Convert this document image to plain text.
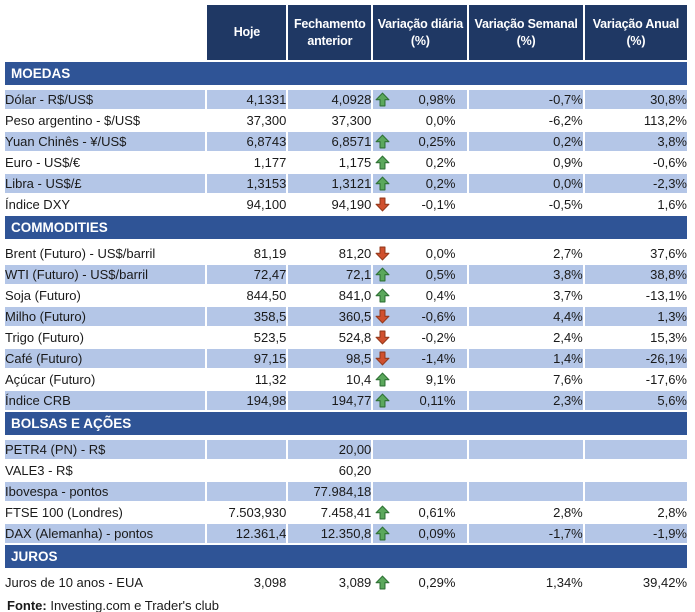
	Hoje	Fechamento anterior	Variação diária (%)	Variação Semanal (%)	Variação Anual (%)
MOEDAS					
Dólar - R$/US$	4,1331	4,0928	0,98%	-0,7%	30,8%
Peso argentino - $/US$	37,300	37,300	0,0%	-6,2%	113,2%
Yuan Chinês - ¥/US$	6,8743	6,8571	0,25%	0,2%	3,8%
Euro - US$/€	1,177	1,175	0,2%	0,9%	-0,6%
Libra - US$/£	1,3153	1,3121	0,2%	0,0%	-2,3%
Índice DXY	94,100	94,190	-0,1%	-0,5%	1,6%
COMMODITIES					
Brent (Futuro) - US$/barril	81,19	81,20	0,0%	2,7%	37,6%
WTI (Futuro) - US$/barril	72,47	72,1	0,5%	3,8%	38,8%
Soja (Futuro)	844,50	841,0	0,4%	3,7%	-13,1%
Milho (Futuro)	358,5	360,5	-0,6%	4,4%	1,3%
Trigo (Futuro)	523,5	524,8	-0,2%	2,4%	15,3%
Café (Futuro)	97,15	98,5	-1,4%	1,4%	-26,1%
Açúcar (Futuro)	11,32	10,4	9,1%	7,6%	-17,6%
Índice CRB	194,98	194,77	0,11%	2,3%	5,6%
BOLSAS E AÇÕES					
PETR4 (PN) - R$		20,00	

VALE3 - R$		60,20	

Ibovespa - pontos		77.984,18	

FTSE 100 (Londres)	7.503,930	7.458,41	0,61%	2,8%	2,8%
DAX (Alemanha) - pontos	12.361,4	12.350,8	0,09%	-1,7%	-1,9%
JUROS					
Juros de 10 anos - EUA	3,098	3,089	0,29%	1,34%	39,42%
Fonte: Investing.com e Trader's club
